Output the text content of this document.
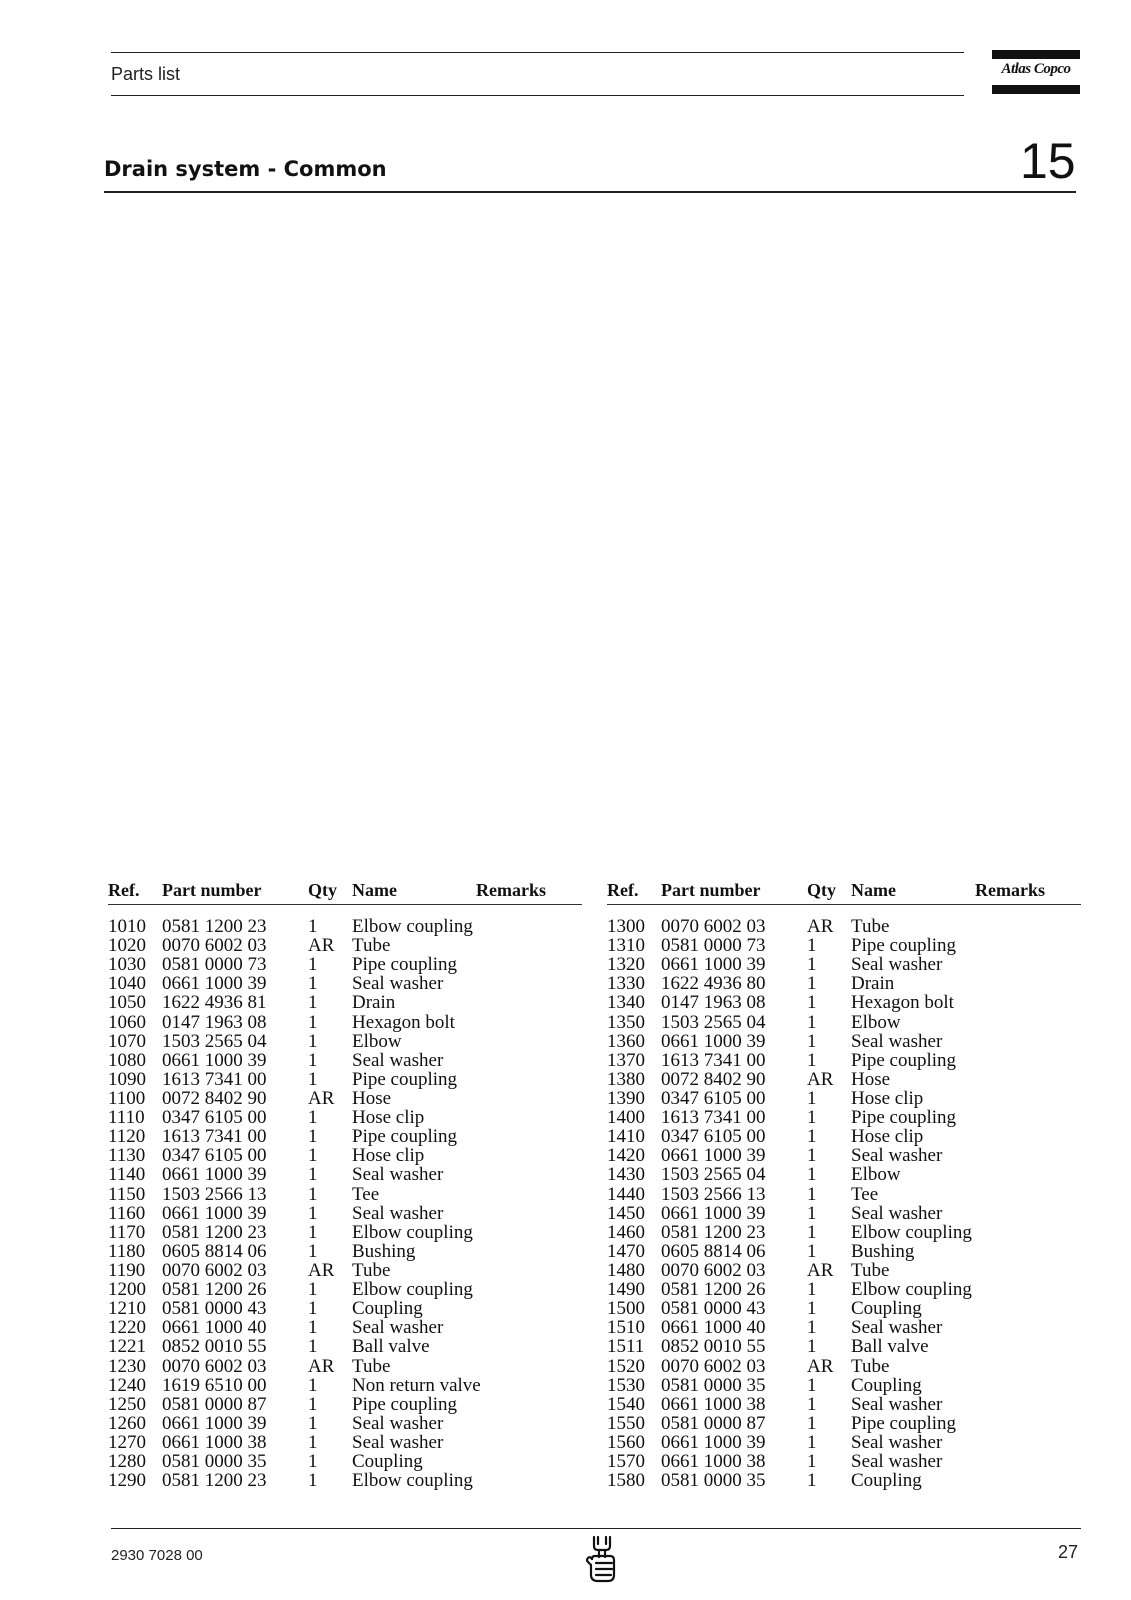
Parts list	Atlas Copco
Drain system - Common	15
Ref. Part number	Qty Name	Remarks
1010 0581 1200 23 1 Elbow coupling
1020 0070 6002 03 AR Tube
1030 0581 0000 73 1 Pipe coupling
1040 0661 1000 39 1 Seal washer
1050 1622 4936 81 1 Drain
1060 0147 1963 08 1 Hexagon bolt
1070 1503 2565 04 1 Elbow
1080 0661 1000 39 1 Seal washer
1090 1613 7341 00 1 Pipe coupling
1100 0072 8402 90 AR Hose
1110 0347 6105 00 1 Hose clip
1120 1613 7341 00 1 Pipe coupling
1130 0347 6105 00 1 Hose clip
1140 0661 1000 39 1 Seal washer
1150 1503 2566 13 1 Tee
1160 0661 1000 39 1 Seal washer
1170 0581 1200 23 1 Elbow coupling
1180 0605 8814 06 1 Bushing
1190 0070 6002 03 AR Tube
1200 0581 1200 26 1 Elbow coupling
1210 0581 0000 43 1 Coupling
1220 0661 1000 40 1 Seal washer
1221 0852 0010 55 1 Ball valve
1230 0070 6002 03 AR Tube
1240 1619 6510 00 1 Non return valve
1250 0581 0000 87 1 Pipe coupling
1260 0661 1000 39 1 Seal washer
1270 0661 1000 38 1 Seal washer
1280 0581 0000 35 1 Coupling
1290 0581 1200 23 1 Elbow coupling
Ref. Part number	Qty Name	Remarks
1300 0070 6002 03 AR Tube
1310 0581 0000 73 1 Pipe coupling
1320 0661 1000 39 1 Seal washer
1330 1622 4936 80 1 Drain
1340 0147 1963 08 1 Hexagon bolt
1350 1503 2565 04 1 Elbow
1360 0661 1000 39 1 Seal washer
1370 1613 7341 00 1 Pipe coupling
1380 0072 8402 90 AR Hose
1390 0347 6105 00 1 Hose clip
1400 1613 7341 00 1 Pipe coupling
1410 0347 6105 00 1 Hose clip
1420 0661 1000 39 1 Seal washer
1430 1503 2565 04 1 Elbow
1440 1503 2566 13 1 Tee
1450 0661 1000 39 1 Seal washer
1460 0581 1200 23 1 Elbow coupling
1470 0605 8814 06 1 Bushing
1480 0070 6002 03 AR Tube
1490 0581 1200 26 1 Elbow coupling
1500 0581 0000 43 1 Coupling
1510 0661 1000 40 1 Seal washer
1511 0852 0010 55 1 Ball valve
1520 0070 6002 03 AR Tube
1530 0581 0000 35 1 Coupling
1540 0661 1000 38 1 Seal washer
1550 0581 0000 87 1 Pipe coupling
1560 0661 1000 39 1 Seal washer
1570 0661 1000 38 1 Seal washer
1580 0581 0000 35 1 Coupling
2930 7028 00	27
